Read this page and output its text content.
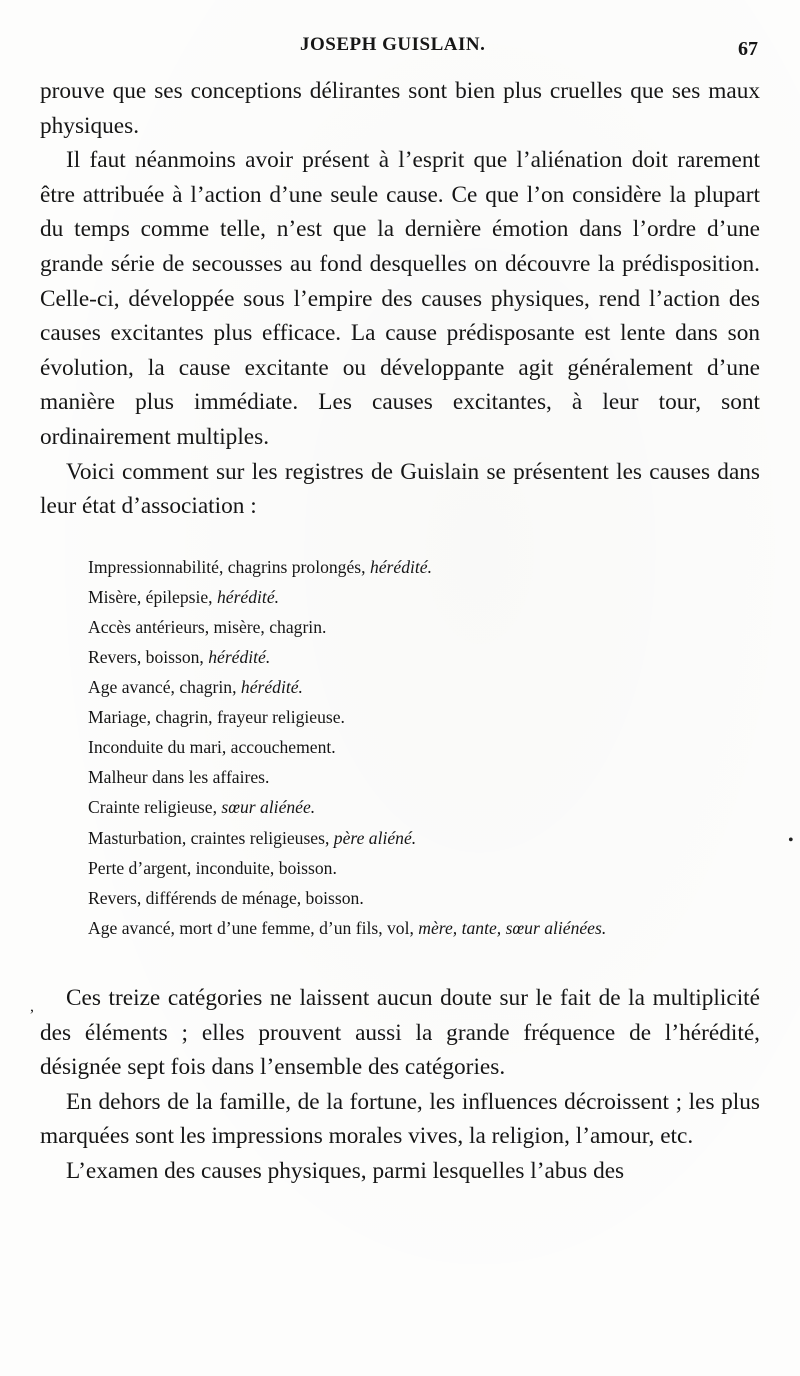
JOSEPH GUISLAIN.	67

prouve que ses conceptions délirantes sont bien plus cruelles que ses maux physiques.

Il faut néanmoins avoir présent à l’esprit que l’aliénation doit rarement être attribuée à l’action d’une seule cause. Ce que l’on considère la plupart du temps comme telle, n’est que la dernière émotion dans l’ordre d’une grande série de secousses au fond desquelles on découvre la prédisposition. Celle-ci, développée sous l’empire des causes physiques, rend l’action des causes excitantes plus efficace. La cause prédisposante est lente dans son évolution, la cause excitante ou développante agit généralement d’une manière plus immédiate. Les causes excitantes, à leur tour, sont ordinairement multiples.

Voici comment sur les registres de Guislain se présentent les causes dans leur état d’association :

Impressionnabilité, chagrins prolongés, hérédité.
Misère, épilepsie, hérédité.
Accès antérieurs, misère, chagrin.
Revers, boisson, hérédité.
Age avancé, chagrin, hérédité.
Mariage, chagrin, frayeur religieuse.
Inconduite du mari, accouchement.
Malheur dans les affaires.
Crainte religieuse, sœur aliénée.
Masturbation, craintes religieuses, père aliéné.
Perte d’argent, inconduite, boisson.
Revers, différends de ménage, boisson.
Age avancé, mort d’une femme, d’un fils, vol, mère, tante, sœur aliénées.

Ces treize catégories ne laissent aucun doute sur le fait de la multiplicité des éléments ; elles prouvent aussi la grande fréquence de l’hérédité, désignée sept fois dans l’ensemble des catégories.

En dehors de la famille, de la fortune, les influences décroissent ; les plus marquées sont les impressions morales vives, la religion, l’amour, etc.

L’examen des causes physiques, parmi lesquelles l’abus des

•
,
